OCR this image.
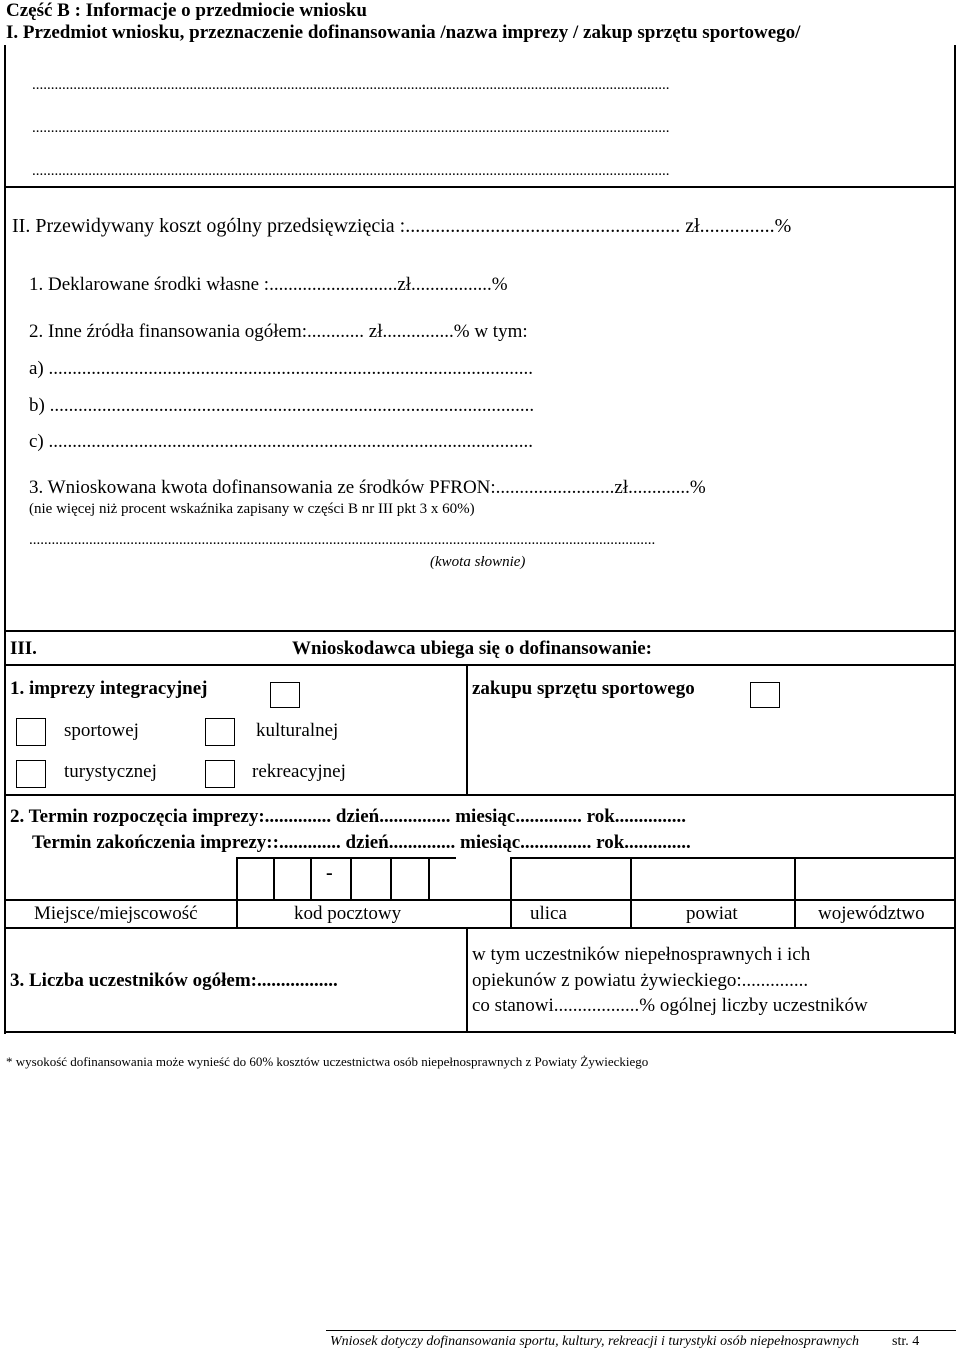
Część B : Informacje o przedmiocie wniosku
I. Przedmiot wniosku, przeznaczenie dofinansowania /nazwa imprezy / zakup sprzętu sportowego/
..........................................................................................................................................................................
..........................................................................................................................................................................
..........................................................................................................................................................................
II. Przewidywany koszt ogólny przedsięwzięcia :....................................................... zł...............%
1. Deklarowane środki własne :...........................zł.................%
2. Inne źródła finansowania ogółem:............ zł...............% w tym:
a) ......................................................................................................
b) ......................................................................................................
c) ......................................................................................................
3. Wnioskowana kwota dofinansowania ze środków PFRON:.........................zł.............%
(nie więcej niż procent wskaźnika zapisany w części B nr III pkt 3 x 60%)
.......................................................................................................................................................................
(kwota słownie)
III.	Wnioskodawca ubiega się o dofinansowanie:
1. imprezy integracyjnej	zakupu sprzętu sportowego
sportowej	kulturalnej
turystycznej	rekreacyjnej
2. Termin rozpoczęcia imprezy:.............. dzień............... miesiąc.............. rok...............
Termin zakończenia imprezy::............. dzień.............. miesiąc............... rok..............
-
Miejsce/miejscowość	kod pocztowy	ulica	powiat	województwo
3. Liczba uczestników ogółem:.................
w tym uczestników niepełnosprawnych i ich
opiekunów z powiatu żywieckiego:..............
co stanowi..................% ogólnej liczby uczestników
* wysokość dofinansowania może wynieść do 60% kosztów uczestnictwa osób niepełnosprawnych z Powiaty Żywieckiego
Wniosek dotyczy dofinansowania sportu, kultury, rekreacji i turystyki osób niepełnosprawnych str. 4
